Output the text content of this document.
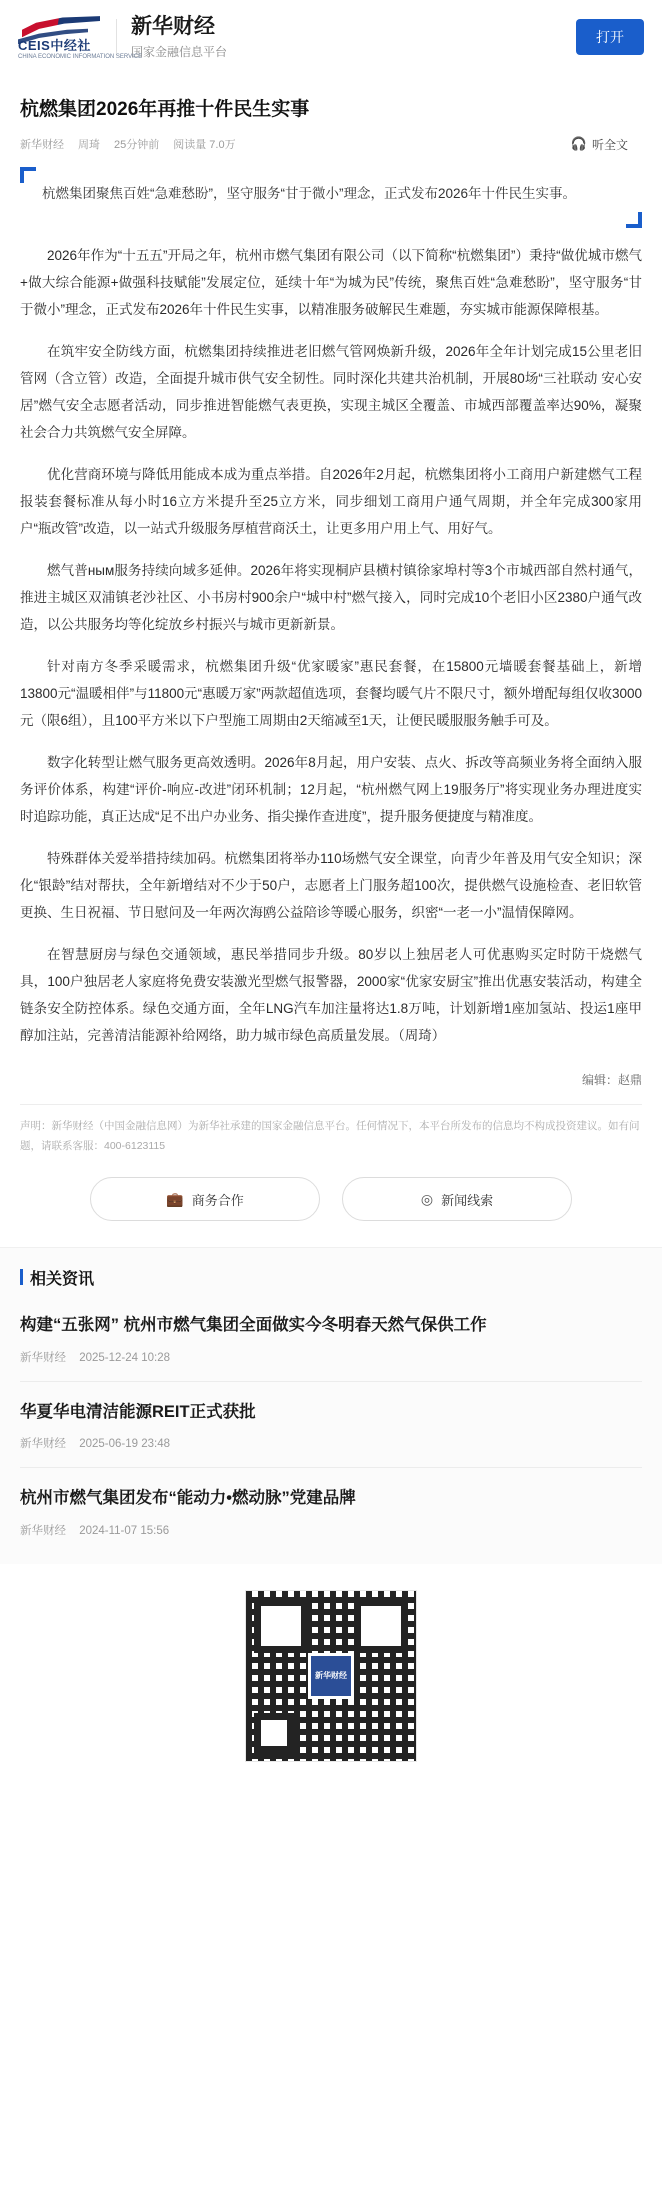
CEIS中经社
CHINA ECONOMIC INFORMATION SERVICE
新华财经
国家金融信息平台
打开
杭燃集团2026年再推十件民生实事
新华财经 周琦 25分钟前 阅读量 7.0万	🎧 听全文
杭燃集团聚焦百姓“急难愁盼”，坚守服务“甘于微小”理念，正式发布2026年十件民生实事。

2026年作为“十五五”开局之年，杭州市燃气集团有限公司（以下简称“杭燃集团”）秉持“做优城市燃气+做大综合能源+做强科技赋能”发展定位，延续十年“为城为民”传统，聚焦百姓“急难愁盼”，坚守服务“甘于微小”理念，正式发布2026年十件民生实事，以精准服务破解民生难题，夯实城市能源保障根基。

在筑牢安全防线方面，杭燃集团持续推进老旧燃气管网焕新升级，2026年全年计划完成15公里老旧管网（含立管）改造，全面提升城市供气安全韧性。同时深化共建共治机制，开展80场“三社联动 安心安居”燃气安全志愿者活动，同步推进智能燃气表更换，实现主城区全覆盖、市城西部覆盖率达90%，凝聚社会合力共筑燃气安全屏障。

优化营商环境与降低用能成本成为重点举措。自2026年2月起，杭燃集团将小工商用户新建燃气工程报装套餐标准从每小时16立方米提升至25立方米，同步细划工商用户通气周期，并全年完成300家用户“瓶改管”改造，以一站式升级服务厚植营商沃土，让更多用户用上气、用好气。

燃气普ным服务持续向域多延伸。2026年将实现桐庐县横村镇徐家埠村等3个市城西部自然村通气，推进主城区双浦镇老沙社区、小书房村900余户“城中村”燃气接入，同时完成10个老旧小区2380户通气改造，以公共服务均等化绽放乡村振兴与城市更新新景。

针对南方冬季采暖需求，杭燃集团升级“优家暖家”惠民套餐，在15800元墙暖套餐基础上，新增13800元“温暖相伴”与11800元“惠暖万家”两款超值选项，套餐均暖气片不限尺寸，额外增配每组仅收3000元（限6组），且100平方米以下户型施工周期由2天缩减至1天，让便民暖服服务触手可及。

数字化转型让燃气服务更高效透明。2026年8月起，用户安装、点火、拆改等高频业务将全面纳入服务评价体系，构建“评价-响应-改进”闭环机制；12月起，“杭州燃气网上19服务厅”将实现业务办理进度实时追踪功能，真正达成“足不出户办业务、指尖操作查进度”，提升服务便捷度与精准度。

特殊群体关爱举措持续加码。杭燃集团将举办110场燃气安全课堂，向青少年普及用气安全知识；深化“银龄”结对帮扶，全年新增结对不少于50户，志愿者上门服务超100次，提供燃气设施检查、老旧软管更换、生日祝福、节日慰问及一年两次海鸥公益陪诊等暖心服务，织密“一老一小”温情保障网。

在智慧厨房与绿色交通领域，惠民举措同步升级。80岁以上独居老人可优惠购买定时防干烧燃气具，100户独居老人家庭将免费安装激光型燃气报警器，2000家“优家安厨宝”推出优惠安装活动，构建全链条安全防控体系。绿色交通方面，全年LNG汽车加注量将达1.8万吨，计划新增1座加氢站、投运1座甲醇加注站，完善清洁能源补给网络，助力城市绿色高质量发展。（周琦）

编辑：赵鼎
声明：新华财经（中国金融信息网）为新华社承建的国家金融信息平台。任何情况下，本平台所发布的信息均不构成投资建议。如有问题，请联系客服：400-6123115
💼 商务合作	◎ 新闻线索
相关资讯
构建“五张网” 杭州市燃气集团全面做实今冬明春天然气保供工作
新华财经 2025-12-24 10:28
华夏华电清洁能源REIT正式获批
新华财经 2025-06-19 23:48
杭州市燃气集团发布“能动力•燃动脉”党建品牌
新华财经 2024-11-07 15:56
新华财经
